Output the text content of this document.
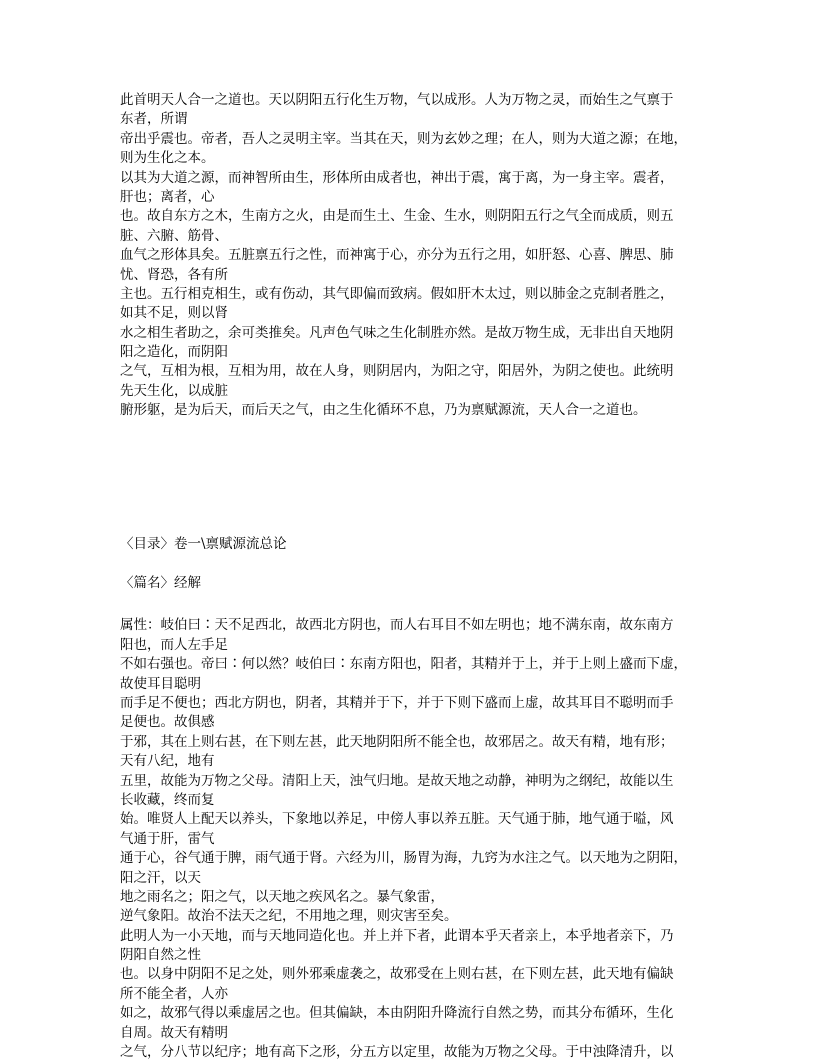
此首明天人合一之道也。天以阴阳五行化生万物，气以成形。人为万物之灵，而始生之气禀于
东者，所谓
帝出乎震也。帝者，吾人之灵明主宰。当其在天，则为玄妙之理；在人，则为大道之源；在地，
则为生化之本。
以其为大道之源，而神智所由生，形体所由成者也，神出于震，寓于离，为一身主宰。震者，
肝也；离者，心
也。故自东方之木，生南方之火，由是而生土、生金、生水，则阴阳五行之气全而成质，则五
脏、六腑、筋骨、
血气之形体具矣。五脏禀五行之性，而神寓于心，亦分为五行之用，如肝怒、心喜、脾思、肺
忧、肾恐，各有所
主也。五行相克相生，或有伤动，其气即偏而致病。假如肝木太过，则以肺金之克制者胜之，
如其不足，则以肾
水之相生者助之，余可类推矣。凡声色气味之生化制胜亦然。是故万物生成，无非出自天地阴
阳之造化，而阴阳
之气，互相为根，互相为用，故在人身，则阴居内，为阳之守，阳居外，为阴之使也。此统明
先天生化，以成脏
腑形躯，是为后天，而后天之气，由之生化循环不息，乃为禀赋源流，天人合一之道也。
〈目录〉卷一\禀赋源流总论
〈篇名〉经解
属性：岐伯曰∶天不足西北，故西北方阴也，而人右耳目不如左明也；地不满东南，故东南方
阳也，而人左手足
不如右强也。帝曰∶何以然？岐伯曰∶东南方阳也，阳者，其精并于上，并于上则上盛而下虚，
故使耳目聪明
而手足不便也；西北方阴也，阴者，其精并于下，并于下则下盛而上虚，故其耳目不聪明而手
足便也。故俱感
于邪，其在上则右甚，在下则左甚，此天地阴阳所不能全也，故邪居之。故天有精，地有形；
天有八纪，地有
五里，故能为万物之父母。清阳上天，浊气归地。是故天地之动静，神明为之纲纪，故能以生
长收藏，终而复
始。唯贤人上配天以养头，下象地以养足，中傍人事以养五脏。天气通于肺，地气通于嗌，风
气通于肝，雷气
通于心，谷气通于脾，雨气通于肾。六经为川，肠胃为海，九窍为水注之气。以天地为之阴阳，
阳之汗，以天
地之雨名之；阳之气，以天地之疾风名之。暴气象雷，
逆气象阳。故治不法天之纪，不用地之理，则灾害至矣。
此明人为一小天地，而与天地同造化也。并上并下者，此谓本乎天者亲上，本乎地者亲下，乃
阴阳自然之性
也。以身中阴阳不足之处，则外邪乘虚袭之，故邪受在上则右甚，在下则左甚，此天地有偏缺
所不能全者，人亦
如之，故邪气得以乘虚居之也。但其偏缺，本由阴阳升降流行自然之势，而其分布循环，生化
自周。故天有精明
之气，分八节以纪序；地有高下之形，分五方以定里，故能为万物之父母。于中浊降清升，以
